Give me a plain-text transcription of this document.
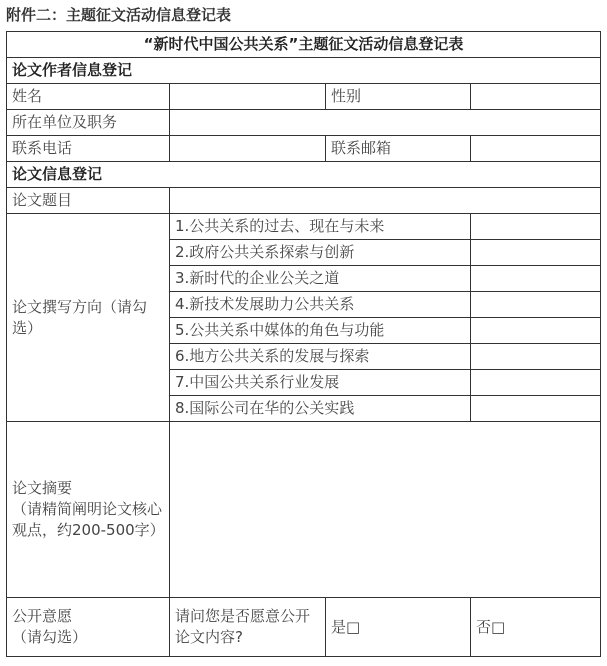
附件二：主题征文活动信息登记表
“新时代中国公共关系”主题征文活动信息登记表			
论文作者信息登记			
姓名		性别	
所在单位及职务			
联系电话		联系邮箱	
论文信息登记			
论文题目			
论文撰写方向（请勾选）	1.公共关系的过去、现在与未来		
	2.政府公共关系探索与创新		
	3.新时代的企业公关之道		
	4.新技术发展助力公共关系		
	5.公共关系中媒体的角色与功能		
	6.地方公共关系的发展与探索		
	7.中国公共关系行业发展		
	8.国际公司在华的公关实践		
论文摘要
（请精简阐明论文核心观点，约200-500字）			
公开意愿
（请勾选）	请问您是否愿意公开论文内容?	是□	否□
